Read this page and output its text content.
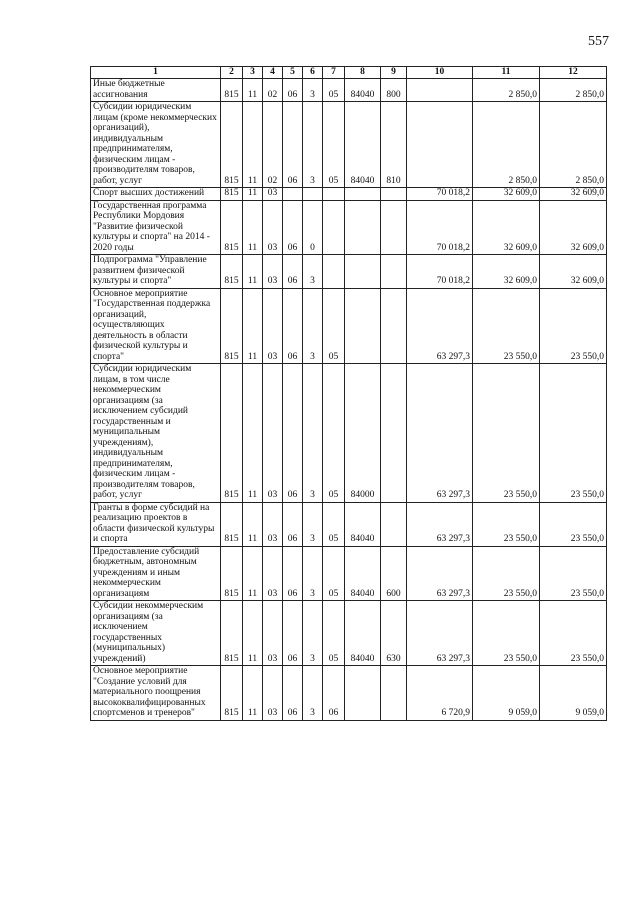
557
1	2	3	4	5	6	7	8	9	10	11	12
Иные бюджетные ассигнования	815	11	02	06	3	05	84040	800		2 850,0	2 850,0
Субсидии юридическим лицам (кроме некоммерческих организаций), индивидуальным предпринимателям, физическим лицам - производителям товаров, работ, услуг	815	11	02	06	3	05	84040	810		2 850,0	2 850,0
Спорт высших достижений	815	11	03						70 018,2	32 609,0	32 609,0
Государственная программа Республики Мордовия "Развитие физической культуры и спорта" на 2014 - 2020 годы	815	11	03	06	0				70 018,2	32 609,0	32 609,0
Подпрограмма "Управление развитием физической культуры и спорта"	815	11	03	06	3				70 018,2	32 609,0	32 609,0
Основное мероприятие "Государственная поддержка организаций, осуществляющих деятельность в области физической культуры и спорта"	815	11	03	06	3	05			63 297,3	23 550,0	23 550,0
Субсидии юридическим лицам, в том числе некоммерческим организациям (за исключением субсидий государственным и муниципальным учреждениям), индивидуальным предпринимателям, физическим лицам - производителям товаров, работ, услуг	815	11	03	06	3	05	84000		63 297,3	23 550,0	23 550,0
Гранты в форме субсидий на реализацию проектов в области физической культуры и спорта	815	11	03	06	3	05	84040		63 297,3	23 550,0	23 550,0
Предоставление субсидий бюджетным, автономным учреждениям и иным некоммерческим организациям	815	11	03	06	3	05	84040	600	63 297,3	23 550,0	23 550,0
Субсидии некоммерческим организациям (за исключением государственных (муниципальных) учреждений)	815	11	03	06	3	05	84040	630	63 297,3	23 550,0	23 550,0
Основное мероприятие "Создание условий для материального поощрения высококвалифицированных спортсменов и тренеров"	815	11	03	06	3	06			6 720,9	9 059,0	9 059,0
